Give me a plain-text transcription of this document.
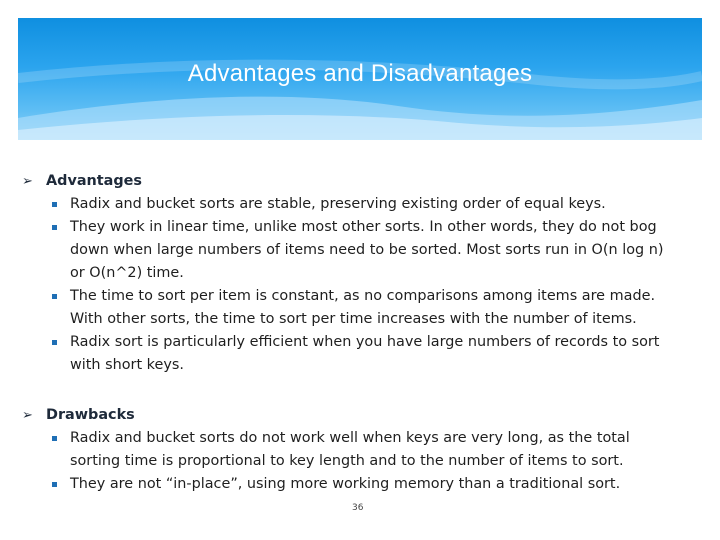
Advantages and Disadvantages
➢ Advantages
Radix and bucket sorts are stable, preserving existing order of equal keys.
They work in linear time, unlike most other sorts. In other words, they do not bog
down when large numbers of items need to be sorted. Most sorts run in O(n log n)
or O(n^2) time.
The time to sort per item is constant, as no comparisons among items are made.
With other sorts, the time to sort per time increases with the number of items.
Radix sort is particularly efficient when you have large numbers of records to sort
with short keys.
➢ Drawbacks
Radix and bucket sorts do not work well when keys are very long, as the total
sorting time is proportional to key length and to the number of items to sort.
They are not “in-place”, using more working memory than a traditional sort.
36
